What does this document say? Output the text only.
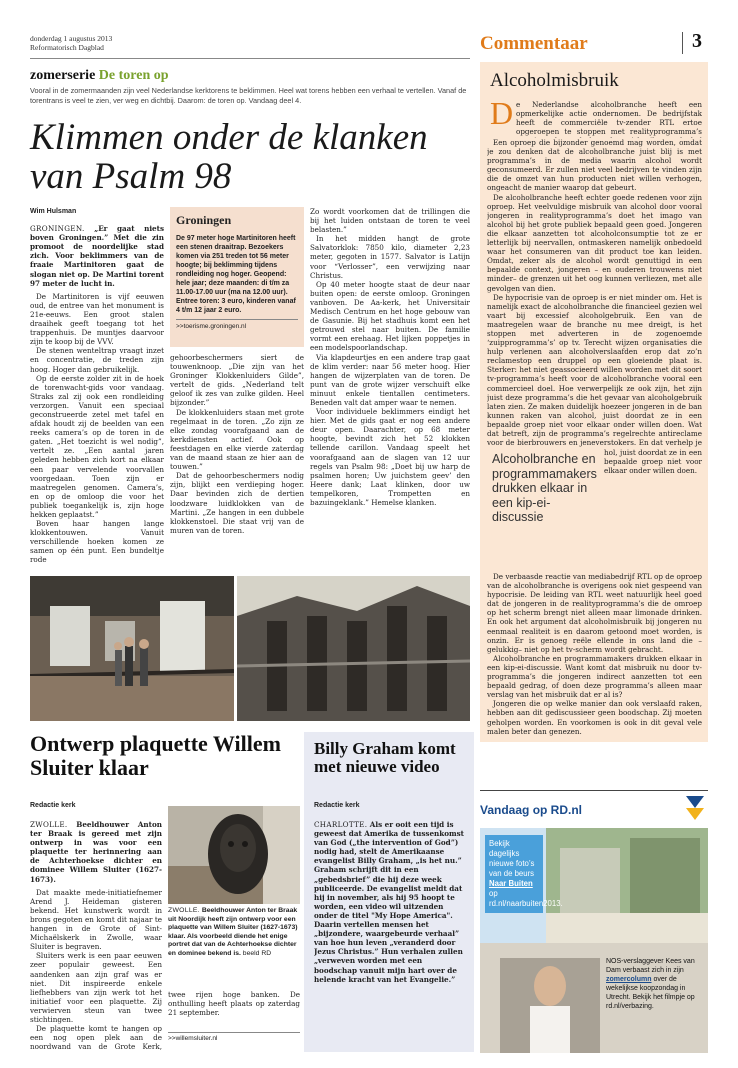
donderdag 1 augustus 2013
Reformatorisch Dagblad	Commentaar	3
zomerserie De toren op
Vooral in de zomermaanden zijn veel Nederlandse kerktorens te beklimmen. Heel wat torens hebben een verhaal te vertellen. Vanaf de torentrans is veel te zien, ver weg en dichtbij. Daarom: de toren op. Vandaag deel 4.
Klimmen onder de klanken van Psalm 98
Wim Hulsman

GRONINGEN. „Er gaat niets boven Groningen.” Met die zin promoot de noordelijke stad zich. Voor beklimmers van de fraaie Martinitoren gaat de slogan niet op. De Martini torent 97 meter de lucht in.

De Martinitoren is vijf eeuwen oud, de entree van het monument is 21e-eeuws. Een groot stalen draaihek geeft toegang tot het trappenhuis. De muntjes daarvoor zijn te koop bij de VVV.

De stenen wenteltrap vraagt inzet en concentratie, de treden zijn hoog. Hoger dan gebruikelijk.

Op de eerste zolder zit in de hoek de torenwacht-gids voor vandaag. Straks zal zij ook een rondleiding verzorgen. Vanuit een speciaal geconstrueerde zetel met tafel en afdak houdt zij de beelden van een reeks camera’s op de toren in de gaten. „Het toezicht is wel nodig”, vertelt ze. „Een aantal jaren geleden hebben zich kort na elkaar een paar vervelende voorvallen voorgedaan. Toen zijn er maatregelen genomen. Camera’s, en op de omloop die voor het publiek toegankelijk is, zijn hoge hekken geplaatst.”

Boven haar hangen lange klokkentouwen. Vanuit verschillende hoeken komen ze samen op één punt. Een bundeltje rode

Groningen
De 97 meter hoge Martinitoren heeft een stenen draaitrap. Bezoekers komen via 251 treden tot 56 meter hoogte; bij beklimming tijdens rondleiding nog hoger. Geopend: hele jaar; deze maanden: di t/m za 11.00-17.00 uur (ma na 12.00 uur). Entree toren: 3 euro, kinderen vanaf 4 t/m 12 jaar 2 euro.
>>toerisme.groningen.nl

gehoorbeschermers siert de touwenknoop. „Die zijn van het Groninger Klokkenluiders Gilde”, vertelt de gids. „Nederland telt geloof ik zes van zulke gilden. Heel bijzonder.”

De klokkenluiders staan met grote regelmaat in de toren. „Zo zijn ze elke zondag voorafgaand aan de kerkdiensten actief. Ook op feestdagen en elke vierde zaterdag van de maand staan ze hier aan de touwen.”

Dat de gehoorbeschermers nodig zijn, blijkt een verdieping hoger. Daar bevinden zich de dertien loodzware luidklokken van de Martini. „Ze hangen in een dubbele klokkenstoel. Die staat vrij van de muren van de toren.

Zo wordt voorkomen dat de trillingen die bij het luiden ontstaan de toren te veel belasten.”

In het midden hangt de grote Salvatorklok: 7850 kilo, diameter 2,23 meter, gegoten in 1577. Salvator is Latijn voor “Verlosser”, een verwijzing naar Christus.

Op 40 meter hoogte staat de deur naar buiten open: de eerste omloop. Groningen vanboven. De Aa-kerk, het Universitair Medisch Centrum en het hoge gebouw van de Gasunie. Bij het stadhuis komt een het getrouwd stel naar buiten. De familie vormt een erehaag. Het lijken poppetjes in een modelspoorlandschap.

Via klapdeurtjes en een andere trap gaat de klim verder: naar 56 meter hoog. Hier hangen de wijzerplaten van de toren. De punt van de grote wijzer verschuift elke minuut enkele tientallen centimeters. Beneden valt dat amper waar te nemen.

Voor individuele beklimmers eindigt het hier. Met de gids gaat er nog een andere deur open. Daarachter, op 68 meter hoogte, bevindt zich het 52 klokken tellende carillon. Vandaag speelt het voorafgaand aan de slagen van 12 uur regels van Psalm 98: „Doet bij uw harp de psalmen horen; Uw juichstem geev’ den Heere dank; Laat klinken, door uw tempelkoren, Trompetten en bazuingeklank.” Hemelse klanken.

Ontwerp plaquette Willem Sluiter klaar
Redactie kerk

ZWOLLE. Beeldhouwer Anton ter Braak is gereed met zijn ontwerp in was voor een plaquette ter herinnering aan de Achterhoekse dichter en dominee Willem Sluiter (1627-1673).

Dat maakte mede-initiatiefnemer Arend J. Heideman gisteren bekend. Het kunstwerk wordt in brons gegoten en komt dit najaar te hangen in de Grote of Sint-Michaëlskerk in Zwolle, waar Sluiter is begraven.

Sluiters werk is een paar eeuwen zeer populair geweest. Een aandenken aan zijn graf was er niet. Dit inspireerde enkele liefhebbers van zijn werk tot het initiatief voor een plaquette. Zij verwierven steun van twee stichtingen.

De plaquette komt te hangen op een nog open plek aan de noordwand van de Grote Kerk,

ZWOLLE. Beeldhouwer Anton ter Braak uit Noordijk heeft zijn ontwerp voor een plaquette van Willem Sluiter (1627-1673) klaar. Als voorbeeld diende het enige portret dat van de Achterhoekse dichter en dominee bekend is. beeld RD

twee rijen hoge banken. De onthulling heeft plaats op zaterdag 21 september.

>>willemsluiter.nl
Billy Graham komt met nieuwe video
Redactie kerk
CHARLOTTE. Als er ooit een tijd is geweest dat Amerika de tussenkomst van God („the intervention of God”) nodig had, stelt de Amerikaanse evangelist Billy Graham, „is het nu.” Graham schrijft dit in een „gebedsbrief” die hij deze week publiceerde. De evangelist meldt dat hij in november, als hij 95 hoopt te worden, een video wil uitzenden onder de titel "My Hope America". Daarin vertellen mensen het „bijzondere, waargebeurde verhaal” van hoe hun leven „veranderd door Jezus Christus.” Hun verhalen zullen „verweven worden met een boodschap vanuit mijn hart over de helende kracht van het Evangelie.”
Alcoholmisbruik
D e Nederlandse alcoholbranche heeft een opmerkelijke actie ondernomen. De bedrijfstak heeft de commerciële tv-zender RTL ertoe opgeroepen te stoppen met realityprogramma’s

Een oproep die bijzonder genoemd mag worden, omdat je zou denken dat de alcoholbranche juist blij is met programma’s in de media waarin alcohol wordt geconsumeerd. Er zullen niet veel bedrijven te vinden zijn die de omzet van hun producten niet willen verhogen, ongeacht de manier waarop dat gebeurt.

De alcoholbranche heeft echter goede redenen voor zijn oproep. Het veelvuldige misbruik van alcohol door vooral jongeren in realityprogramma’s doet het imago van alcohol bij het grote publiek bepaald geen goed. Jongeren die elkaar aanzetten tot alcoholconsumptie tot ze er letterlijk bij neervallen, ontmaskeren namelijk onbedoeld waar het consumeren van dit product toe kan leiden. Omdat, zeker als de alcohol wordt genuttigd in een bepaalde context, jongeren – en ouderen trouwens niet minder– de grenzen uit het oog kunnen verliezen, met alle gevolgen van dien.

De hypocrisie van de oproep is er niet minder om. Het is namelijk exact de alcoholbranche die financieel gezien wel vaart bij excessief alcoholgebruik. Een van de maatregelen waar de branche nu mee dreigt, is het stoppen met adverteren in de zogenoemde ‘zuipprogramma’s’ op tv. Terecht wijzen organisaties die hulp verlenen aan alcoholverslaafden erop dat zo’n reclamestop een druppel op een gloeiende plaat is. Sterker: het niet geassocieerd willen worden met dit soort tv-programma’s heeft voor de alcoholbranche vooral een commercieel doel. Hoe verwerpelijk ze ook zijn, het zijn juist deze programma’s die het gevaar van alcoholgebruik laten zien. Ze maken duidelijk hoezeer jongeren in de ban kunnen raken van alcohol, juist doordat ze in een bepaalde groep niet voor elkaar onder willen doen. Wat dat betreft, zijn de programma’s regelrechte antireclame voor de bierbrouwers en jeneverstokers. En dat verhelp je

Alcoholbranche en programmamakers drukken elkaar in een kip-ei-discussie

hol, juist doordat ze in een bepaalde groep niet voor elkaar onder willen doen.

De verbaasde reactie van mediabedrijf RTL op de oproep van de alcoholbranche is overigens ook niet gespeend van hypocrisie. De leiding van RTL weet natuurlijk heel goed dat de jongeren in de realityprogramma’s die de omroep op het scherm brengt niet alleen maar limonade drinken. En ook het argument dat alcoholmisbruik bij jongeren nu eenmaal realiteit is en daarom getoond moet worden, is onzin. Er is genoeg reële ellende in ons land die –gelukkig– niet op het tv-scherm wordt gebracht.

Alcoholbranche en programmamakers drukken elkaar in een kip-ei-discussie. Want komt dat misbruik nu door tv-programma’s die jongeren indirect aanzetten tot een bepaald gedrag, of doen deze programma’s alleen maar verslag van het misbruik dat er al is?

Jongeren die op welke manier dan ook verslaafd raken, hebben aan dit gediscussieer geen boodschap. Zij moeten geholpen worden. En voorkomen is ook in dit geval vele malen beter dan genezen.

Vandaag op RD.nl
Bekijk dagelijks nieuwe foto’s van de beurs Naar Buiten op rd.nl/naarbuiten2013.
NOS-verslaggever Kees van Dam verbaast zich in zijn zomercolumn over de wekelijkse koopzondag in Utrecht. Bekijk het filmpje op rd.nl/verbazing.
